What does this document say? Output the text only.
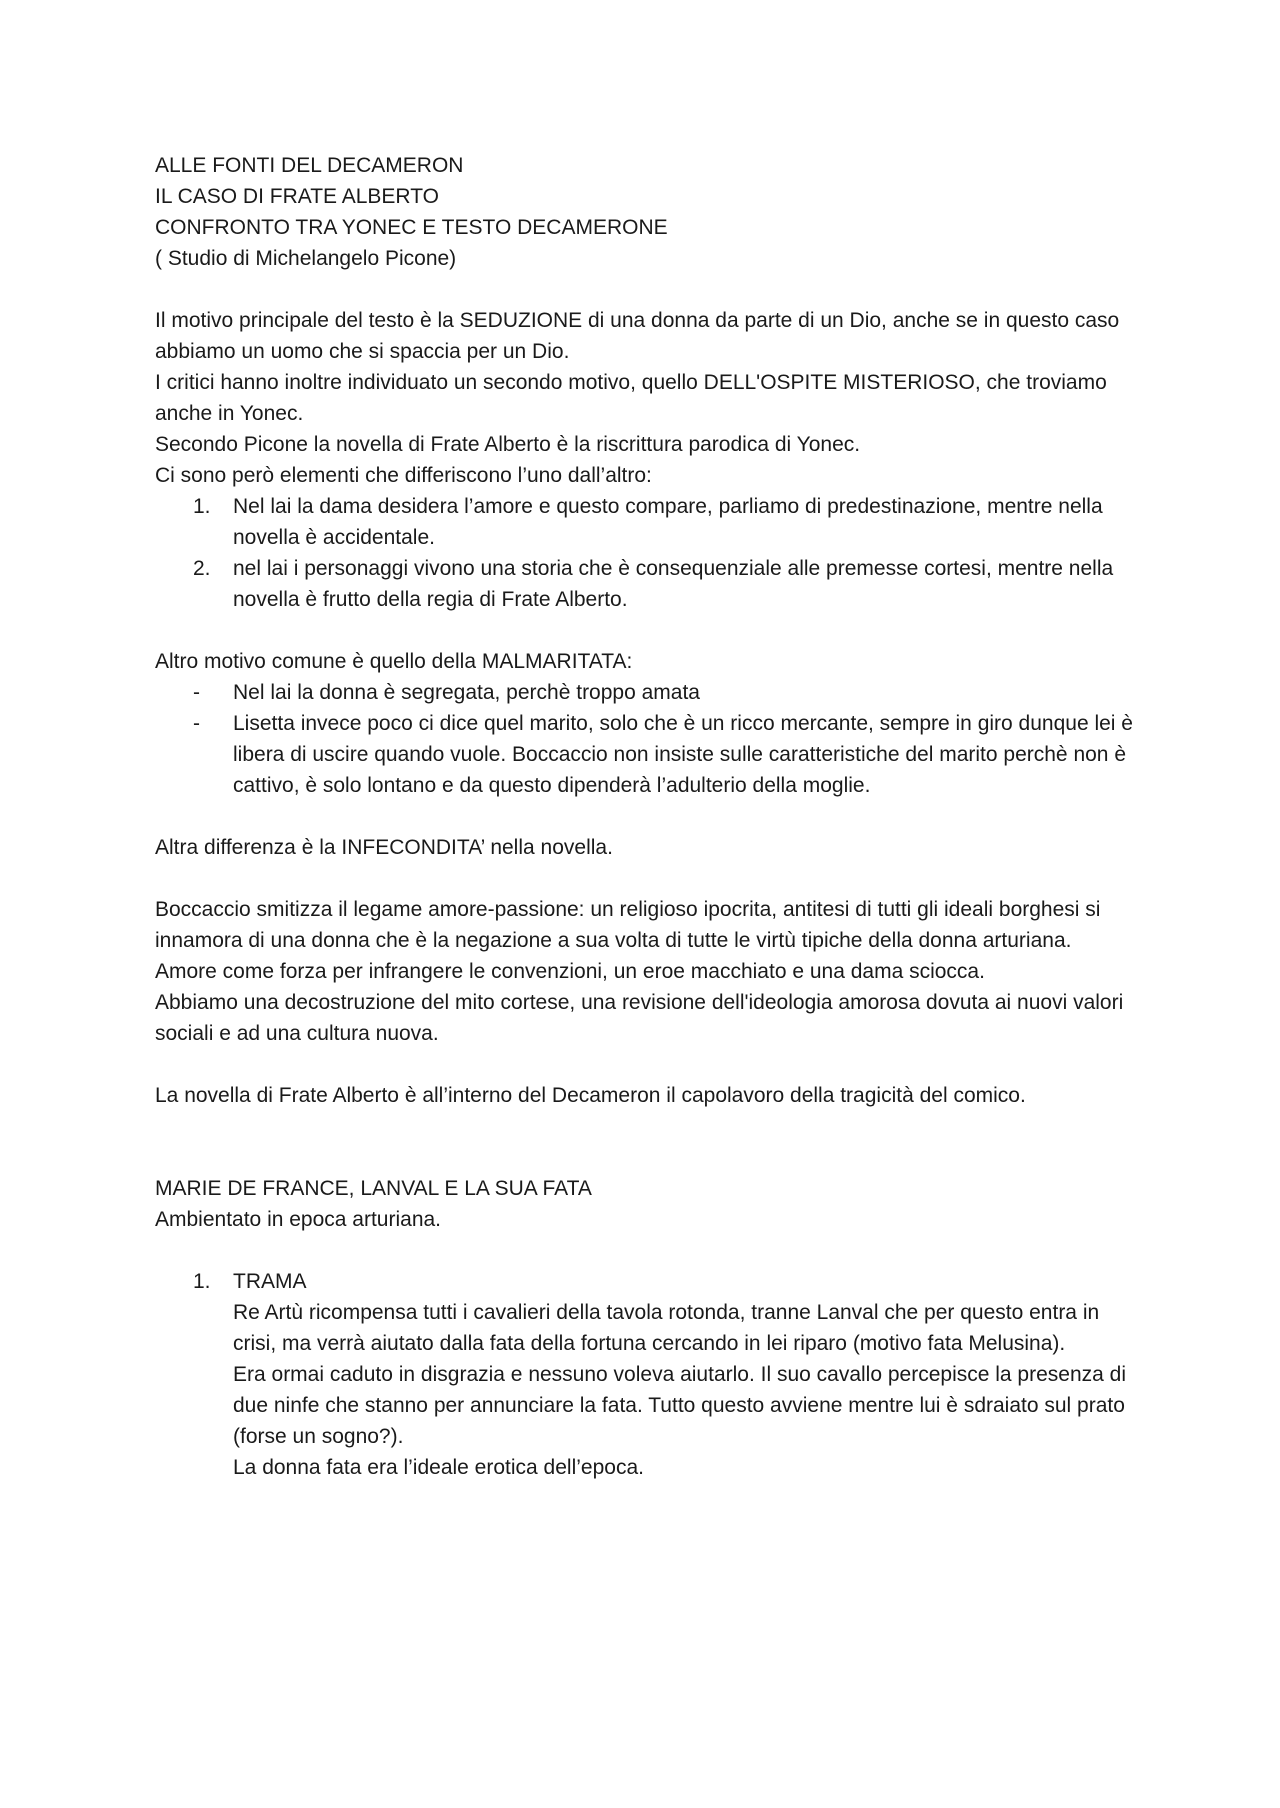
ALLE FONTI DEL DECAMERON

IL CASO DI FRATE ALBERTO

CONFRONTO TRA YONEC E TESTO DECAMERONE

( Studio di Michelangelo Picone)

Il motivo principale del testo è la SEDUZIONE di una donna da parte di un Dio, anche se in questo caso abbiamo un uomo che si spaccia per un Dio.

I critici hanno inoltre individuato un secondo motivo, quello DELL'OSPITE MISTERIOSO, che troviamo anche in Yonec.

Secondo Picone la novella di Frate Alberto è la riscrittura parodica di Yonec.

Ci sono però elementi che differiscono l’uno dall’altro:

1. Nel lai la dama desidera l’amore e questo compare, parliamo di predestinazione, mentre nella novella è accidentale.
2. nel lai i personaggi vivono una storia che è consequenziale alle premesse cortesi, mentre nella novella è frutto della regia di Frate Alberto.

Altro motivo comune è quello della MALMARITATA:

- Nel lai la donna è segregata, perchè troppo amata
- Lisetta invece poco ci dice quel marito, solo che è un ricco mercante, sempre in giro dunque lei è libera di uscire quando vuole. Boccaccio non insiste sulle caratteristiche del marito perchè non è cattivo, è solo lontano e da questo dipenderà l’adulterio della moglie.

Altra differenza è la INFECONDITA’ nella novella.

Boccaccio smitizza il legame amore-passione: un religioso ipocrita, antitesi di tutti gli ideali borghesi si innamora di una donna che è la negazione a sua volta di tutte le virtù tipiche della donna arturiana.

Amore come forza per infrangere le convenzioni, un eroe macchiato e una dama sciocca.

Abbiamo una decostruzione del mito cortese, una revisione dell'ideologia amorosa dovuta ai nuovi valori sociali e ad una cultura nuova.

La novella di Frate Alberto è all’interno del Decameron il capolavoro della tragicità del comico.

MARIE DE FRANCE, LANVAL E LA SUA FATA

Ambientato in epoca arturiana.

1. TRAMA

Re Artù ricompensa tutti i cavalieri della tavola rotonda, tranne Lanval che per questo entra in crisi, ma verrà aiutato dalla fata della fortuna cercando in lei riparo (motivo fata Melusina).

Era ormai caduto in disgrazia e nessuno voleva aiutarlo. Il suo cavallo percepisce la presenza di due ninfe che stanno per annunciare la fata. Tutto questo avviene mentre lui è sdraiato sul prato (forse un sogno?).

La donna fata era l’ideale erotica dell’epoca.
